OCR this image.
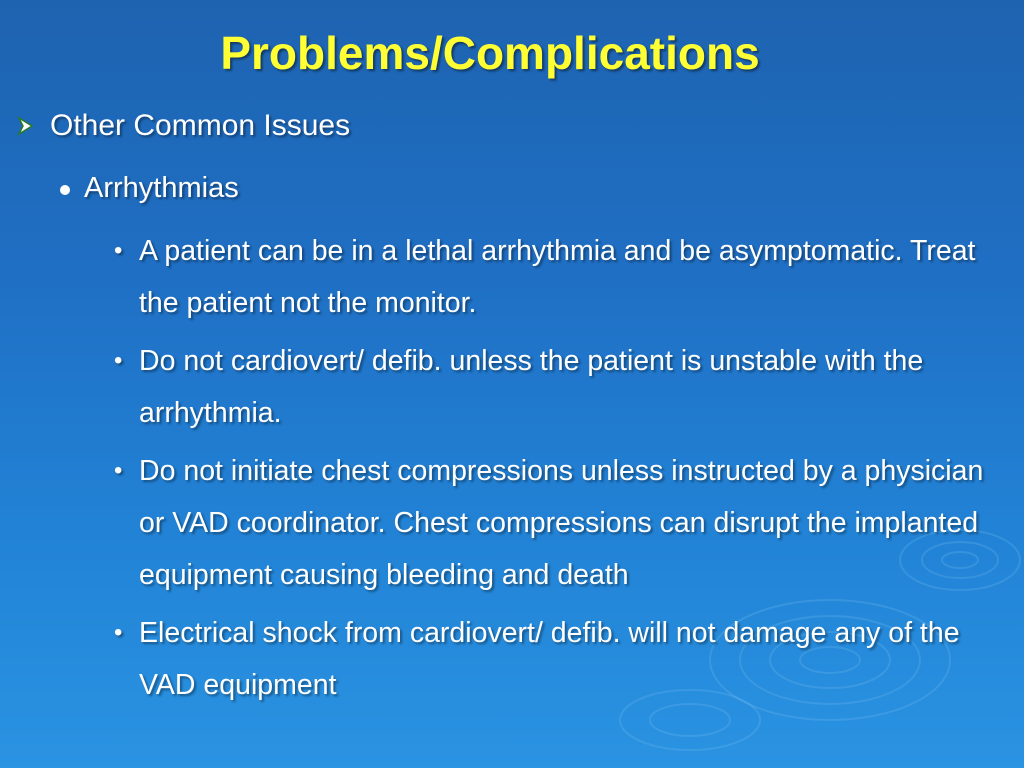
Problems/Complications
Other Common Issues
Arrhythmias
• A patient can be in a lethal arrhythmia and be asymptomatic. Treat the patient not the monitor.
• Do not cardiovert/ defib. unless the patient is unstable with the arrhythmia.
• Do not initiate chest compressions unless instructed by a physician or VAD coordinator. Chest compressions can disrupt the implanted equipment causing bleeding and death
• Electrical shock from cardiovert/ defib. will not damage any of the VAD equipment
